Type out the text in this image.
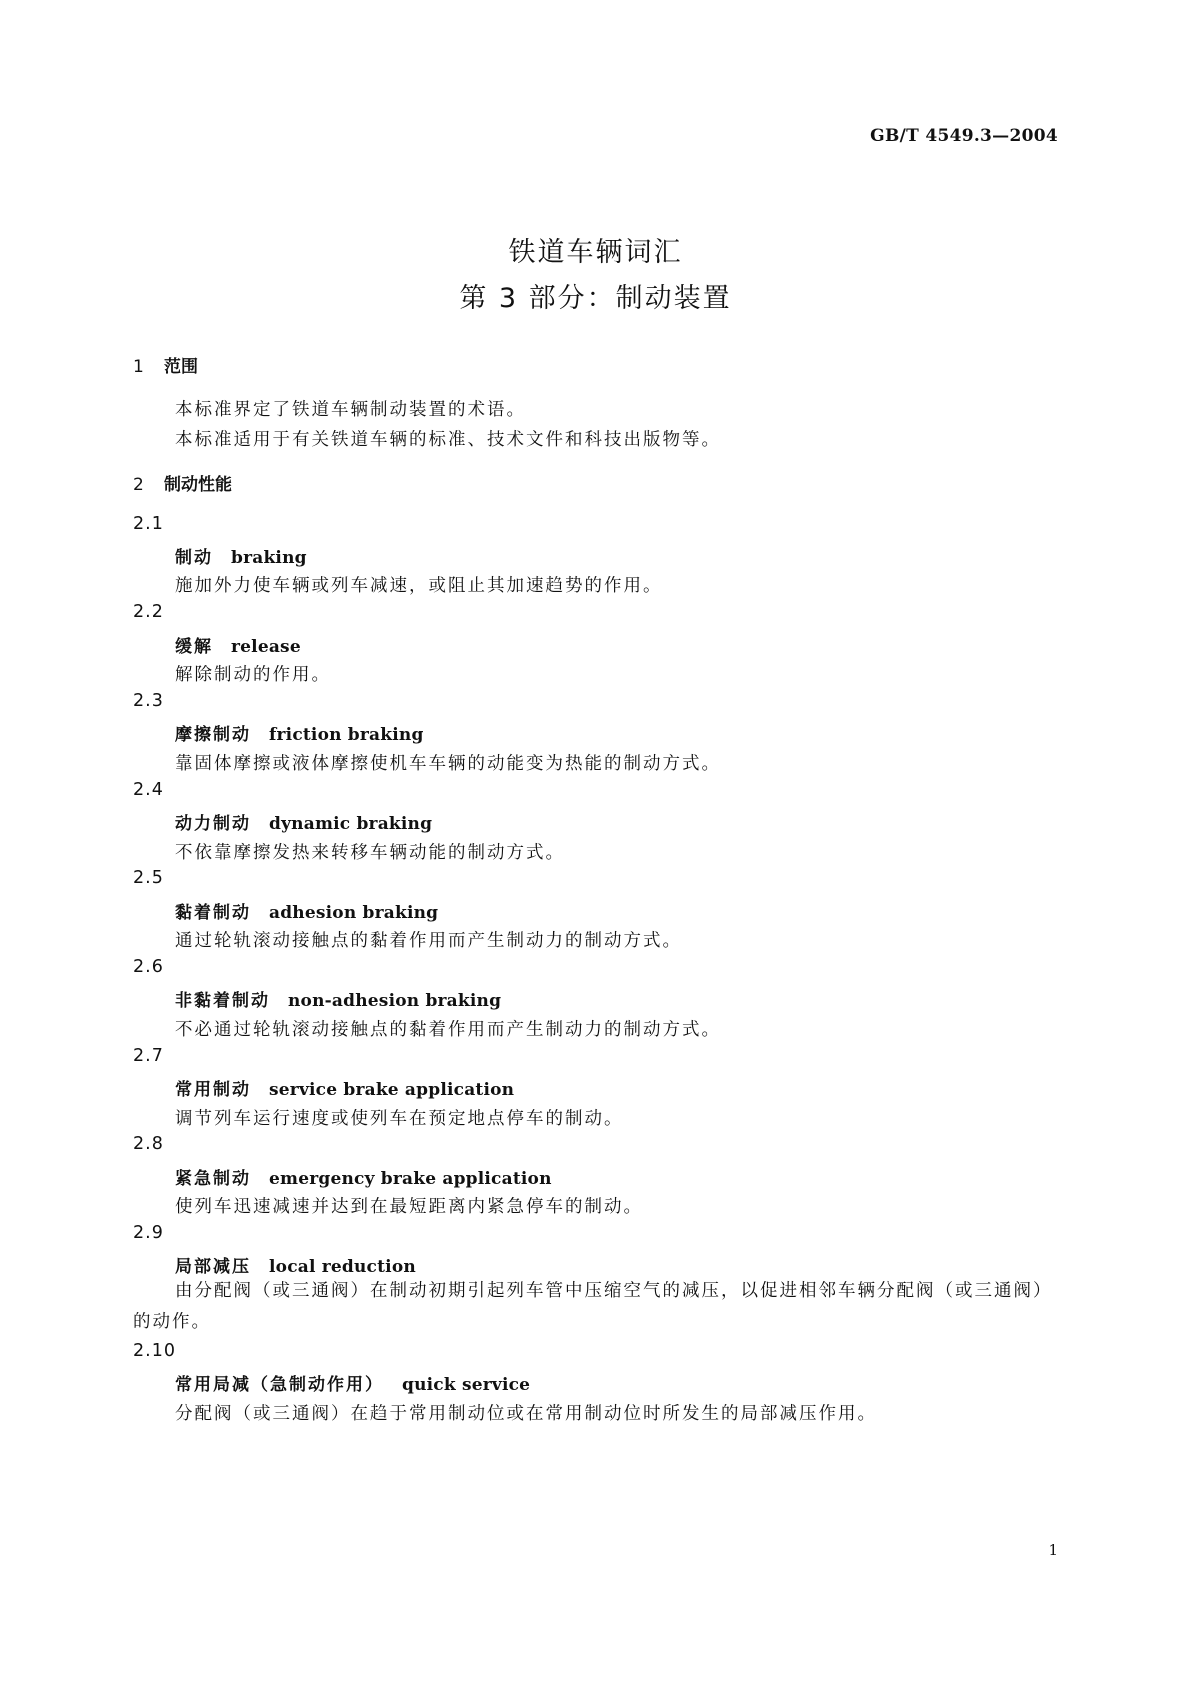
GB/T 4549.3—2004
铁道车辆词汇
第 3 部分：制动装置
1 范围
本标准界定了铁道车辆制动装置的术语。
本标准适用于有关铁道车辆的标准、技术文件和科技出版物等。
2 制动性能
2.1
制动 braking
施加外力使车辆或列车减速，或阻止其加速趋势的作用。
2.2
缓解 release
解除制动的作用。
2.3
摩擦制动 friction braking
靠固体摩擦或液体摩擦使机车车辆的动能变为热能的制动方式。
2.4
动力制动 dynamic braking
不依靠摩擦发热来转移车辆动能的制动方式。
2.5
黏着制动 adhesion braking
通过轮轨滚动接触点的黏着作用而产生制动力的制动方式。
2.6
非黏着制动 non-adhesion braking
不必通过轮轨滚动接触点的黏着作用而产生制动力的制动方式。
2.7
常用制动 service brake application
调节列车运行速度或使列车在预定地点停车的制动。
2.8
紧急制动 emergency brake application
使列车迅速减速并达到在最短距离内紧急停车的制动。
2.9
局部减压 local reduction
由分配阀（或三通阀）在制动初期引起列车管中压缩空气的减压，以促进相邻车辆分配阀（或三通阀）的动作。
2.10
常用局减（急制动作用） quick service
分配阀（或三通阀）在趋于常用制动位或在常用制动位时所发生的局部减压作用。
1
